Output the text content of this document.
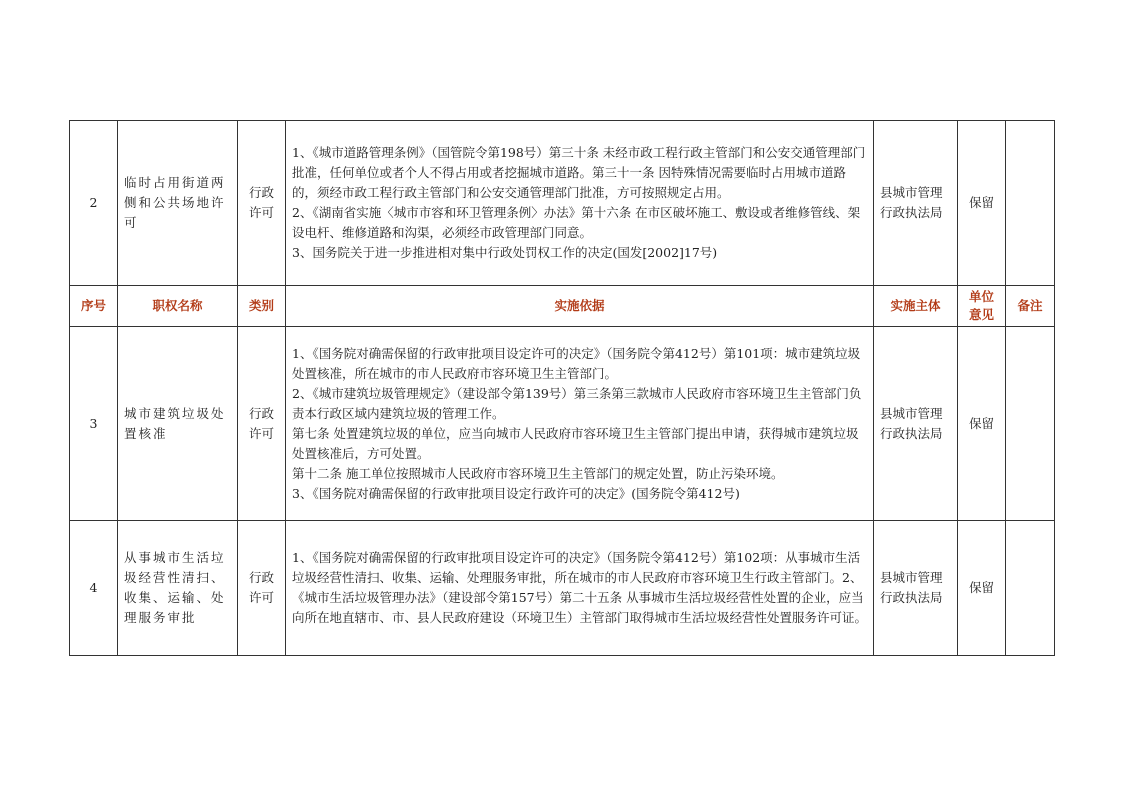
2	临时占用街道两侧和公共场地许可	行政许可	1、《城市道路管理条例》（国管院令第198号）第三十条 未经市政工程行政主管部门和公安交通管理部门批准，任何单位或者个人不得占用或者挖掘城市道路。第三十一条 因特殊情况需要临时占用城市道路的，须经市政工程行政主管部门和公安交通管理部门批准，方可按照规定占用。

2、《湖南省实施〈城市市容和环卫管理条例〉办法》第十六条 在市区破坏施工、敷设或者维修管线、架设电杆、维修道路和沟渠，必须经市政管理部门同意。

3、国务院关于进一步推进相对集中行政处罚权工作的决定(国发[2002]17号)	县城市管理行政执法局	保留	
序号	职权名称	类别	实施依据	实施主体	单位意见	备注
3	城市建筑垃圾处置核准	行政许可	1、《国务院对确需保留的行政审批项目设定许可的决定》（国务院令第412号）第101项：城市建筑垃圾处置核准，所在城市的市人民政府市容环境卫生主管部门。

2、《城市建筑垃圾管理规定》（建设部令第139号）第三条第三款城市人民政府市容环境卫生主管部门负责本行政区域内建筑垃圾的管理工作。

第七条 处置建筑垃圾的单位，应当向城市人民政府市容环境卫生主管部门提出申请，获得城市建筑垃圾处置核准后，方可处置。

第十二条 施工单位按照城市人民政府市容环境卫生主管部门的规定处置，防止污染环境。

3、《国务院对确需保留的行政审批项目设定行政许可的决定》(国务院令第412号)	县城市管理行政执法局	保留	
4	从事城市生活垃圾经营性清扫、收集、运输、处理服务审批	行政许可	1、《国务院对确需保留的行政审批项目设定许可的决定》（国务院令第412号）第102项：从事城市生活垃圾经营性清扫、收集、运输、处理服务审批，所在城市的市人民政府市容环境卫生行政主管部门。2、《城市生活垃圾管理办法》（建设部令第157号）第二十五条 从事城市生活垃圾经营性处置的企业，应当向所在地直辖市、市、县人民政府建设（环境卫生）主管部门取得城市生活垃圾经营性处置服务许可证。	县城市管理行政执法局	保留	
